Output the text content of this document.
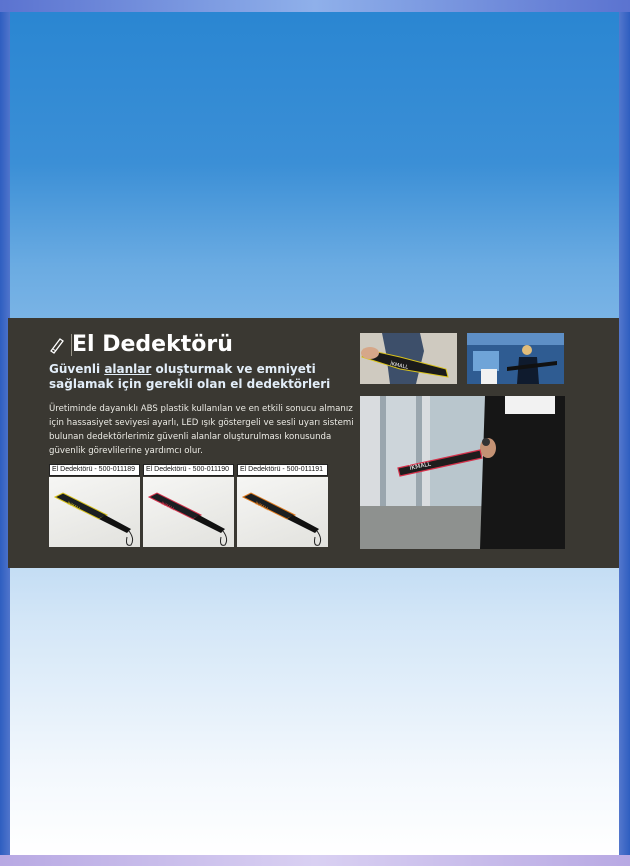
El Dedektörü
Güvenli alanlar oluşturmak ve emniyeti sağlamak için gerekli olan el dedektörleri
Üretiminde dayanıklı ABS plastik kullanılan ve en etkili sonucu almanız için hassasiyet seviyesi ayarlı, LED ışık göstergeli ve sesli uyarı sistemi bulunan dedektörlerimiz güvenli alanlar oluşturulması konusunda güvenlik görevlilerine yardımcı olur.
El Dedektörü - 500-011189
İKMALL
El Dedektörü - 500-011190
İKMALL
El Dedektörü - 500-011191
İKMALL
İKMALL
İKMALL
